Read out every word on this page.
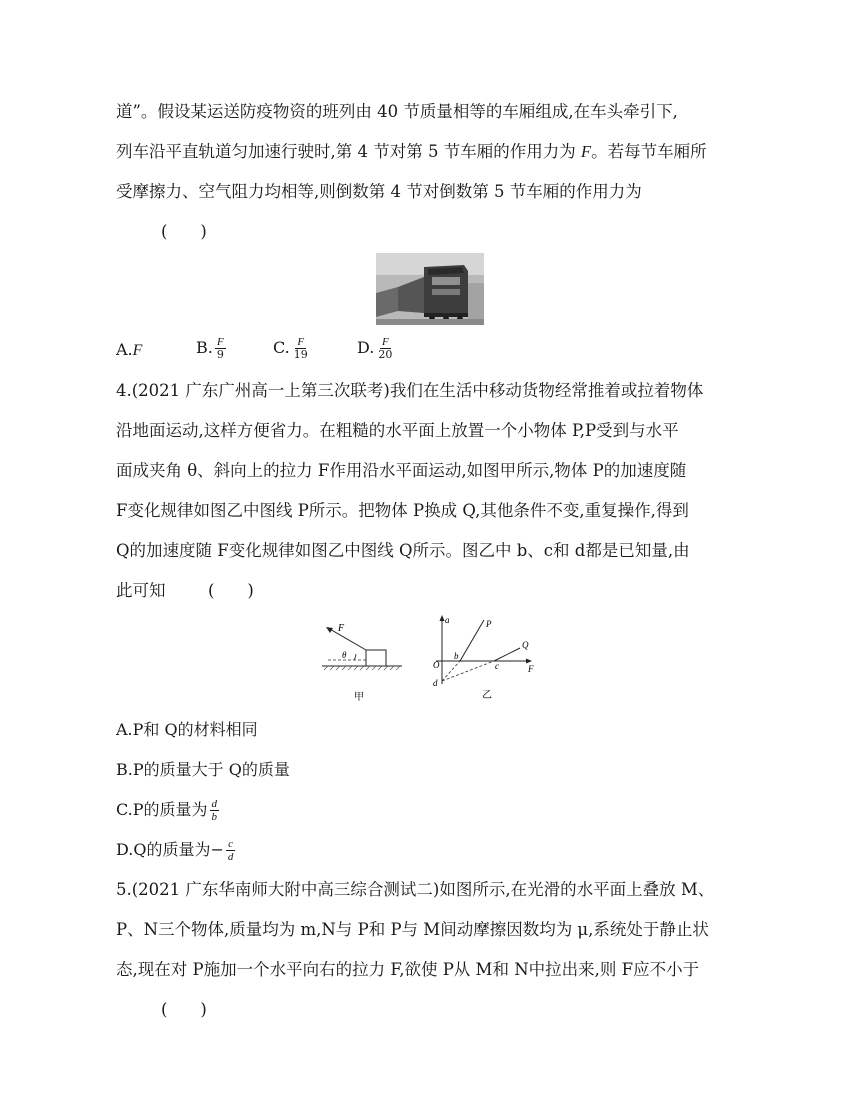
道”。假设某运送防疫物资的班列由 40 节质量相等的车厢组成,在车头牵引下,
列车沿平直轨道匀加速行驶时,第 4 节对第 5 节车厢的作用力为 F。若每节车厢所
受摩擦力、空气阻力均相等,则倒数第 4 节对倒数第 5 节车厢的作用力为
(　　)
A.F	B. $\frac{F}{9}$	C. $\frac{F}{19}$	D. $\frac{F}{20}$
4.(2021 广东广州高一上第三次联考)我们在生活中移动货物经常推着或拉着物体
沿地面运动,这样方便省力。在粗糙的水平面上放置一个小物体 P,P受到与水平
面成夹角 θ、斜向上的拉力 F作用沿水平面运动,如图甲所示,物体 P的加速度随
F变化规律如图乙中图线 P所示。把物体 P换成 Q,其他条件不变,重复操作,得到
Q的加速度随 F变化规律如图乙中图线 Q所示。图乙中 b、c和 d都是已知量,由
此可知	(　　)
F
θ
甲
a	P
Q
O
b
c
d
F
乙
A.P和 Q的材料相同
B.P的质量大于 Q的质量
C.P的质量为 $\frac{d}{b}$
D.Q的质量为− $\frac{c}{d}$
5.(2021 广东华南师大附中高三综合测试二)如图所示,在光滑的水平面上叠放 M、
P、N三个物体,质量均为 m,N与 P和 P与 M间动摩擦因数均为 μ,系统处于静止状
态,现在对 P施加一个水平向右的拉力 F,欲使 P从 M和 N中拉出来,则 F应不小于
(　　)
